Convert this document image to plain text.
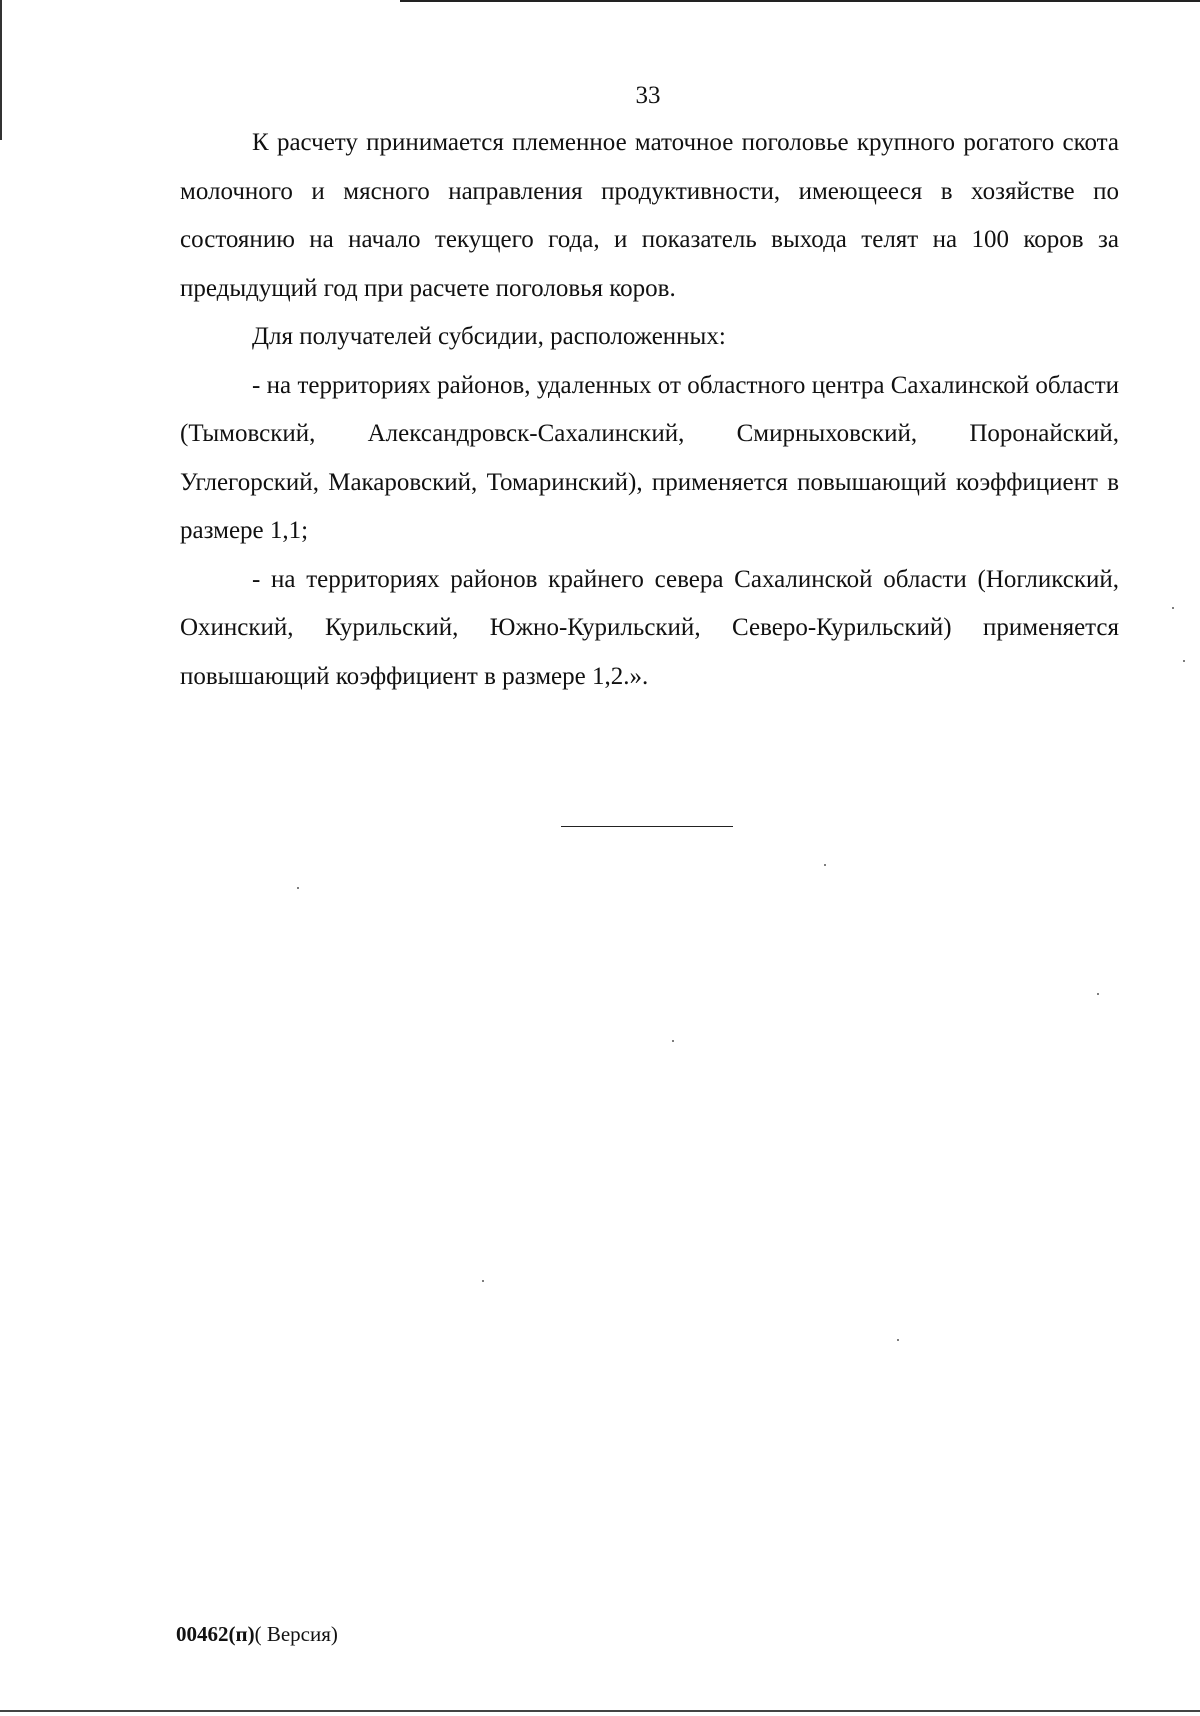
33

К расчету принимается племенное маточное поголовье крупного рогатого скота молочного и мясного направления продуктивности, имеющееся в хозяйстве по состоянию на начало текущего года, и показатель выхода телят на 100 коров за предыдущий год при расчете поголовья коров.

Для получателей субсидии, расположенных:

- на территориях районов, удаленных от областного центра Сахалинской области (Тымовский, Александровск-Сахалинский, Смирныховский, Поронайский, Углегорский, Макаровский, Томаринский), применяется повышающий коэффициент в размере 1,1;

- на территориях районов крайнего севера Сахалинской области (Ногликский, Охинский, Курильский, Южно-Курильский, Северо-Курильский) применяется повышающий коэффициент в размере 1,2.».

00462(п)( Версия)
